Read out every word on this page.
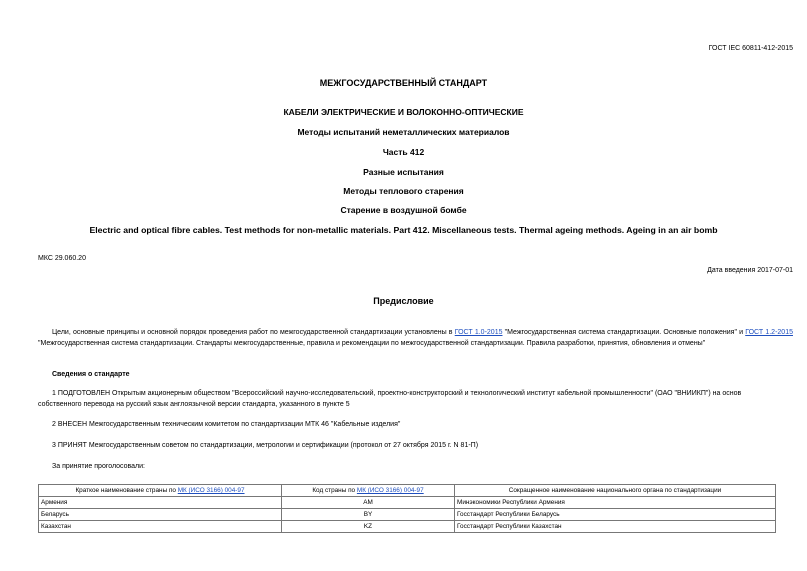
ГОСТ IEC 60811-412-2015
МЕЖГОСУДАРСТВЕННЫЙ СТАНДАРТ
КАБЕЛИ ЭЛЕКТРИЧЕСКИЕ И ВОЛОКОННО-ОПТИЧЕСКИЕ
Методы испытаний неметаллических материалов
Часть 412
Разные испытания
Методы теплового старения
Старение в воздушной бомбе
Electric and optical fibre cables. Test methods for non-metallic materials. Part 412. Miscellaneous tests. Thermal ageing methods. Ageing in an air bomb
МКС 29.060.20
Дата введения 2017-07-01
Предисловие
Цели, основные принципы и основной порядок проведения работ по межгосударственной стандартизации установлены в ГОСТ 1.0-2015 "Межгосударственная система стандартизации. Основные положения" и ГОСТ 1.2-2015 "Межгосударственная система стандартизации. Стандарты межгосударственные, правила и рекомендации по межгосударственной стандартизации. Правила разработки, принятия, обновления и отмены"
Сведения о стандарте
1 ПОДГОТОВЛЕН Открытым акционерным обществом "Всероссийский научно-исследовательский, проектно-конструкторский и технологический институт кабельной промышленности" (ОАО "ВНИИКП") на основ
собственного перевода на русский язык англоязычной версии стандарта, указанного в пункте 5
2 ВНЕСЕН Межгосударственным техническим комитетом по стандартизации МТК 46 "Кабельные изделия"
3 ПРИНЯТ Межгосударственным советом по стандартизации, метрологии и сертификации (протокол от 27 октября 2015 г. N 81-П)
За принятие проголосовали:
Краткое наименование страны по МК (ИСО 3166) 004-97	Код страны по МК (ИСО 3166) 004-97	Сокращенное наименование национального органа по стандартизации
Армения	AM	Минэкономики Республики Армения
Беларусь	BY	Госстандарт Республики Беларусь
Казахстан	KZ	Госстандарт Республики Казахстан
